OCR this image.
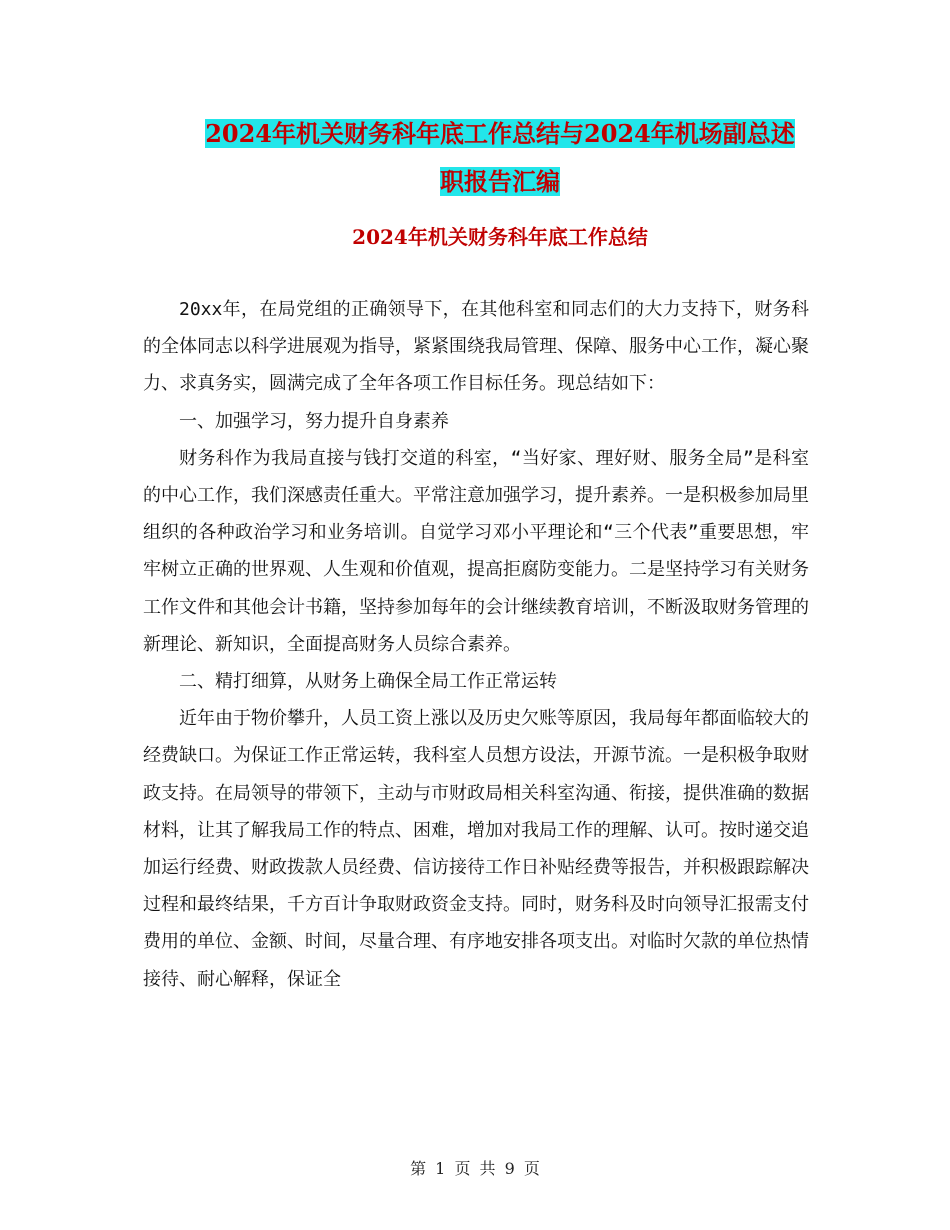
2024年机关财务科年底工作总结与2024年机场副总述
职报告汇编
2024年机关财务科年底工作总结

20xx年，在局党组的正确领导下，在其他科室和同志们的大力支持下，财务科的全体同志以科学进展观为指导，紧紧围绕我局管理、保障、服务中心工作，凝心聚力、求真务实，圆满完成了全年各项工作目标任务。现总结如下：

一、加强学习，努力提升自身素养

财务科作为我局直接与钱打交道的科室，“当好家、理好财、服务全局”是科室的中心工作，我们深感责任重大。平常注意加强学习，提升素养。一是积极参加局里组织的各种政治学习和业务培训。自觉学习邓小平理论和“三个代表”重要思想，牢牢树立正确的世界观、人生观和价值观，提高拒腐防变能力。二是坚持学习有关财务工作文件和其他会计书籍，坚持参加每年的会计继续教育培训，不断汲取财务管理的新理论、新知识，全面提高财务人员综合素养。

二、精打细算，从财务上确保全局工作正常运转

近年由于物价攀升，人员工资上涨以及历史欠账等原因，我局每年都面临较大的经费缺口。为保证工作正常运转，我科室人员想方设法，开源节流。一是积极争取财政支持。在局领导的带领下，主动与市财政局相关科室沟通、衔接，提供准确的数据材料，让其了解我局工作的特点、困难，增加对我局工作的理解、认可。按时递交追加运行经费、财政拨款人员经费、信访接待工作日补贴经费等报告，并积极跟踪解决过程和最终结果，千方百计争取财政资金支持。同时，财务科及时向领导汇报需支付费用的单位、金额、时间，尽量合理、有序地安排各项支出。对临时欠款的单位热情接待、耐心解释，保证全

第 1 页 共 9 页
